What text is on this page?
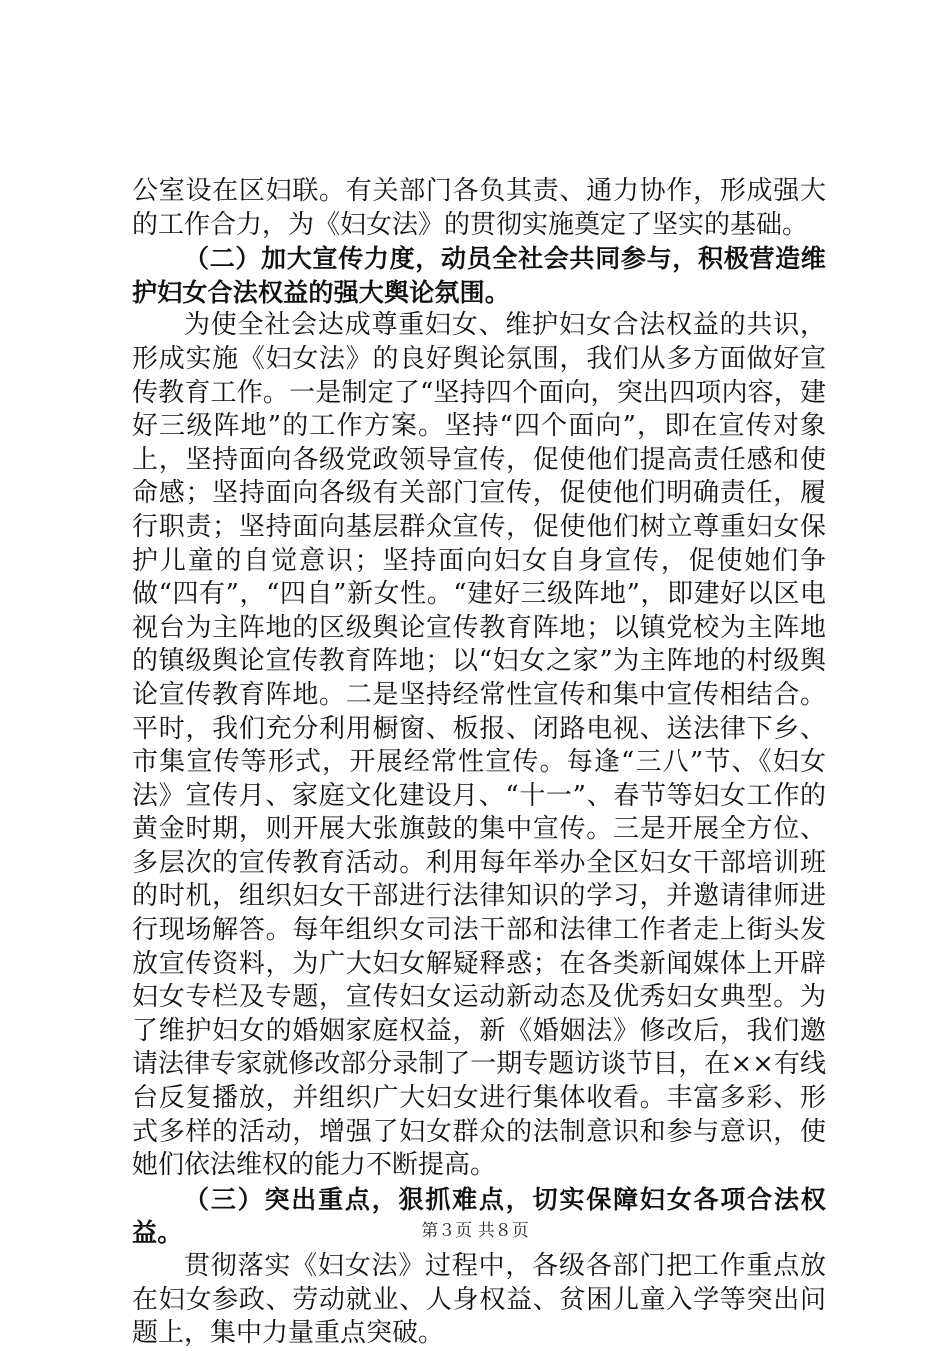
公室设在区妇联。有关部门各负其责、通力协作，形成强大的工作合力，为《妇女法》的贯彻实施奠定了坚实的基础。

（二）加大宣传力度，动员全社会共同参与，积极营造维护妇女合法权益的强大舆论氛围。

为使全社会达成尊重妇女、维护妇女合法权益的共识，形成实施《妇女法》的良好舆论氛围，我们从多方面做好宣传教育工作。一是制定了“坚持四个面向，突出四项内容，建好三级阵地”的工作方案。坚持“四个面向”，即在宣传对象上，坚持面向各级党政领导宣传，促使他们提高责任感和使命感；坚持面向各级有关部门宣传，促使他们明确责任，履行职责；坚持面向基层群众宣传，促使他们树立尊重妇女保护儿童的自觉意识；坚持面向妇女自身宣传，促使她们争做“四有”，“四自”新女性。“建好三级阵地”，即建好以区电视台为主阵地的区级舆论宣传教育阵地；以镇党校为主阵地的镇级舆论宣传教育阵地；以“妇女之家”为主阵地的村级舆论宣传教育阵地。二是坚持经常性宣传和集中宣传相结合。平时，我们充分利用橱窗、板报、闭路电视、送法律下乡、市集宣传等形式，开展经常性宣传。每逢“三八”节、《妇女法》宣传月、家庭文化建设月、“十一”、春节等妇女工作的黄金时期，则开展大张旗鼓的集中宣传。三是开展全方位、多层次的宣传教育活动。利用每年举办全区妇女干部培训班的时机，组织妇女干部进行法律知识的学习，并邀请律师进行现场解答。每年组织女司法干部和法律工作者走上街头发放宣传资料，为广大妇女解疑释惑；在各类新闻媒体上开辟妇女专栏及专题，宣传妇女运动新动态及优秀妇女典型。为了维护妇女的婚姻家庭权益，新《婚姻法》修改后，我们邀请法律专家就修改部分录制了一期专题访谈节目，在××有线台反复播放，并组织广大妇女进行集体收看。丰富多彩、形式多样的活动，增强了妇女群众的法制意识和参与意识，使她们依法维权的能力不断提高。

（三）突出重点，狠抓难点，切实保障妇女各项合法权益。

贯彻落实《妇女法》过程中，各级各部门把工作重点放在妇女参政、劳动就业、人身权益、贫困儿童入学等突出问题上，集中力量重点突破。

第３页 共８页
